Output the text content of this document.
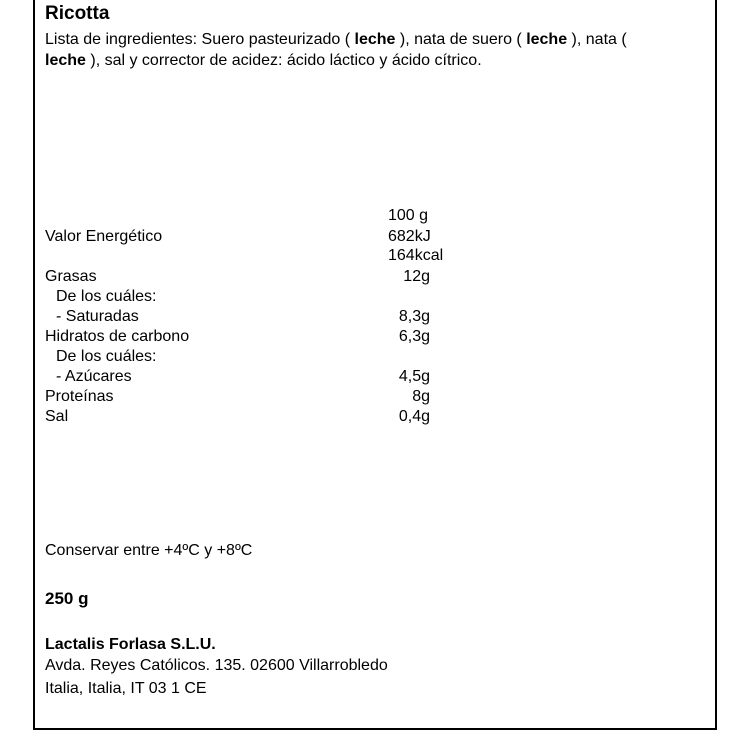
Ricotta
Lista de ingredientes: Suero pasteurizado ( leche ), nata de suero ( leche ), nata (
leche ), sal y corrector de acidez: ácido láctico y ácido cítrico.
100 g
Valor Energético	682kJ
164kcal
Grasas	12g
De los cuáles:
- Saturadas	8,3g
Hidratos de carbono	6,3g
De los cuáles:
- Azúcares	4,5g
Proteínas	8g
Sal	0,4g
Conservar entre +4ºC y +8ºC
250 g
Lactalis Forlasa S.L.U.
Avda. Reyes Católicos. 135. 02600 Villarrobledo
Italia, Italia, IT 03 1 CE
